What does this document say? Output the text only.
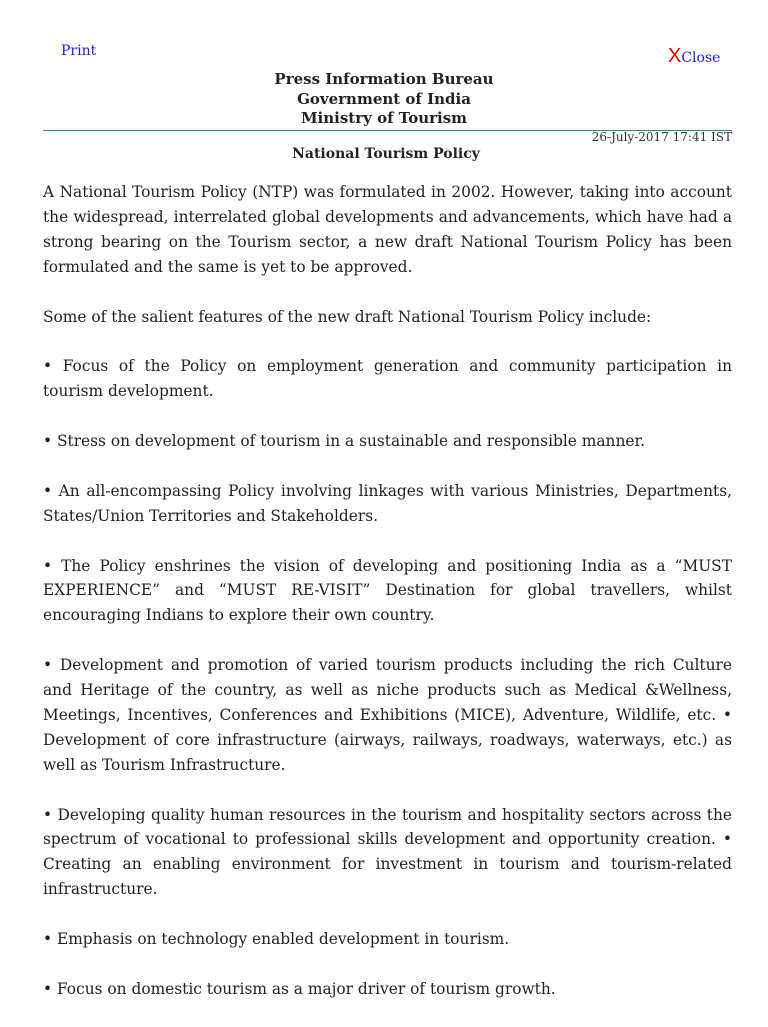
Print	X Close
Press Information Bureau
Government of India
Ministry of Tourism
26-July-2017 17:41 IST
National Tourism Policy

A National Tourism Policy (NTP) was formulated in 2002. However, taking into account the widespread, interrelated global developments and advancements, which have had a strong bearing on the Tourism sector, a new draft National Tourism Policy has been formulated and the same is yet to be approved.

Some of the salient features of the new draft National Tourism Policy include:

• Focus of the Policy on employment generation and community participation in tourism development.

• Stress on development of tourism in a sustainable and responsible manner.

• An all-encompassing Policy involving linkages with various Ministries, Departments, States/Union Territories and Stakeholders.

• The Policy enshrines the vision of developing and positioning India as a “MUST EXPERIENCE” and “MUST RE-VISIT” Destination for global travellers, whilst encouraging Indians to explore their own country.

• Development and promotion of varied tourism products including the rich Culture and Heritage of the country, as well as niche products such as Medical &Wellness, Meetings, Incentives, Conferences and Exhibitions (MICE), Adventure, Wildlife, etc. • Development of core infrastructure (airways, railways, roadways, waterways, etc.) as well as Tourism Infrastructure.

• Developing quality human resources in the tourism and hospitality sectors across the spectrum of vocational to professional skills development and opportunity creation. • Creating an enabling environment for investment in tourism and tourism-related infrastructure.

• Emphasis on technology enabled development in tourism.

• Focus on domestic tourism as a major driver of tourism growth.
